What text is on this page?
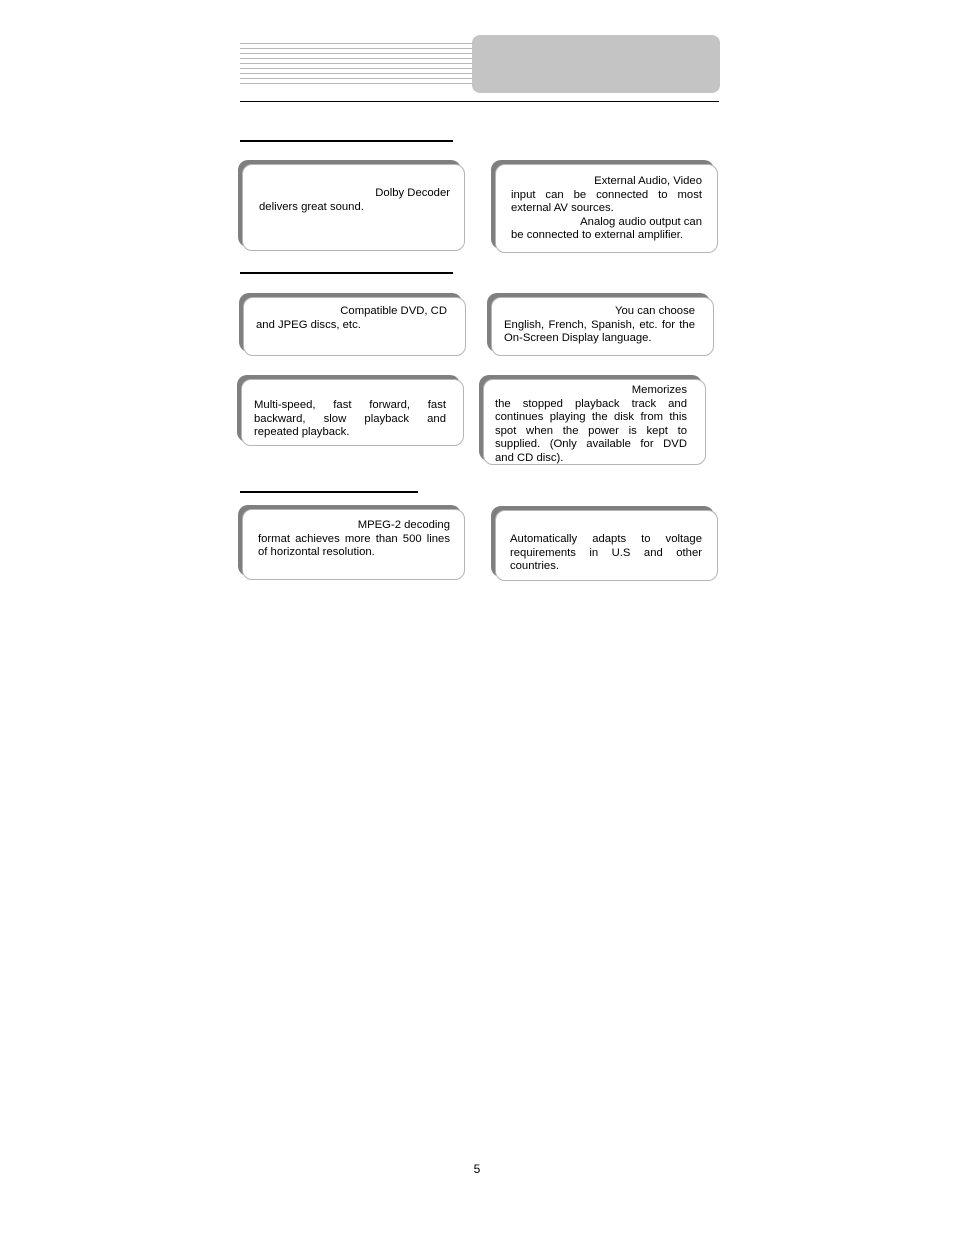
Dolby Decoder

delivers great sound.

External Audio, Video

input can be connected to most

external AV sources.

Analog audio output can

be connected to external amplifier.

Compatible DVD, CD

and JPEG discs, etc.

You can choose

English, French, Spanish, etc. for the

On-Screen Display language.

Multi-speed, fast forward, fast

backward, slow playback and

repeated playback.

Memorizes

the stopped playback track and

continues playing the disk from this

spot when the power is kept to

supplied. (Only available for DVD

and CD disc).

MPEG-2 decoding

format achieves more than 500 lines

of horizontal resolution.

Automatically adapts to voltage

requirements in U.S and other

countries.

5
